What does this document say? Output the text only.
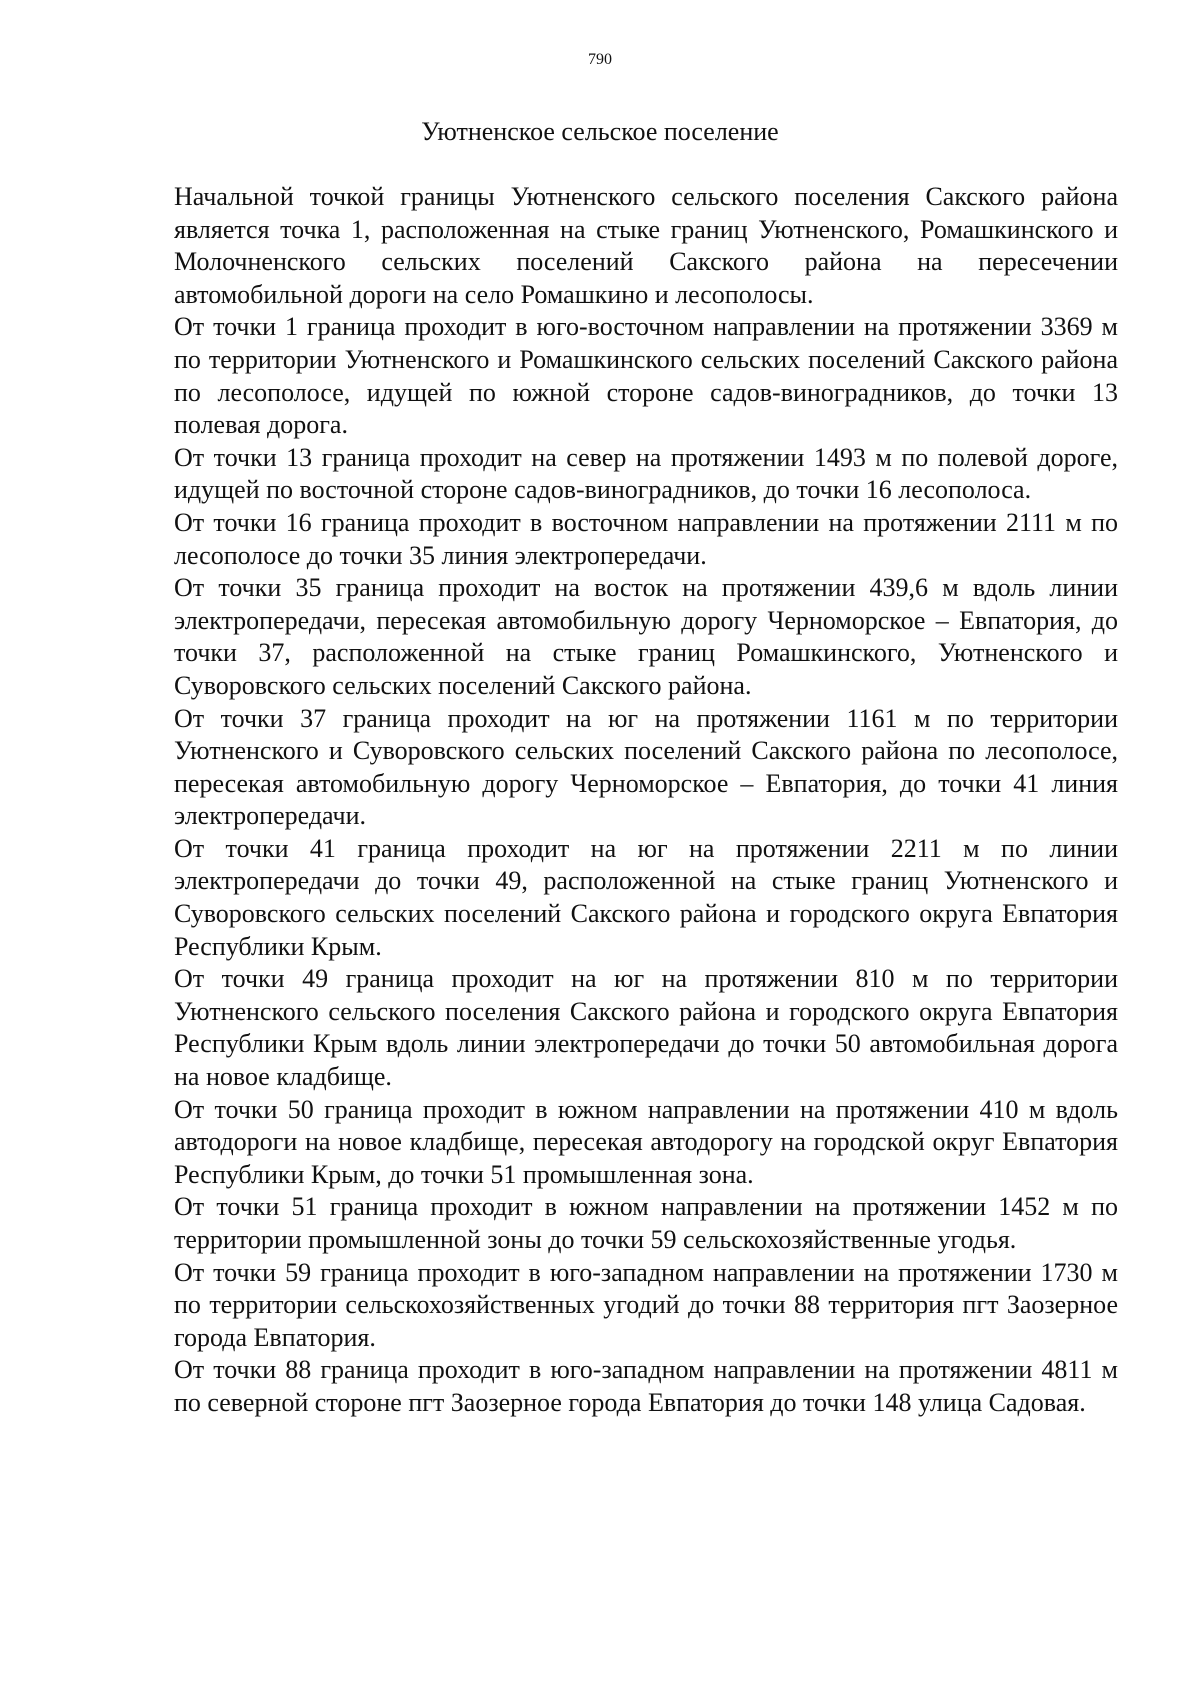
790
Уютненское сельское поселение

Начальной точкой границы Уютненского сельского поселения Сакского района является точка 1, расположенная на стыке границ Уютненского, Ромашкинского и Молочненского сельских поселений Сакского района на пересечении автомобильной дороги на село Ромашкино и лесополосы.

От точки 1 граница проходит в юго-восточном направлении на протяжении 3369 м по территории Уютненского и Ромашкинского сельских поселений Сакского района по лесополосе, идущей по южной стороне садов-виноградников, до точки 13 полевая дорога.

От точки 13 граница проходит на север на протяжении 1493 м по полевой дороге, идущей по восточной стороне садов-виноградников, до точки 16 лесополоса.

От точки 16 граница проходит в восточном направлении на протяжении 2111 м по лесополосе до точки 35 линия электропередачи.

От точки 35 граница проходит на восток на протяжении 439,6 м вдоль линии электропередачи, пересекая автомобильную дорогу Черноморское – Евпатория, до точки 37, расположенной на стыке границ Ромашкинского, Уютненского и Суворовского сельских поселений Сакского района.

От точки 37 граница проходит на юг на протяжении 1161 м по территории Уютненского и Суворовского сельских поселений Сакского района по лесополосе, пересекая автомобильную дорогу Черноморское – Евпатория, до точки 41 линия электропередачи.

От точки 41 граница проходит на юг на протяжении 2211 м по линии электропередачи до точки 49, расположенной на стыке границ Уютненского и Суворовского сельских поселений Сакского района и городского округа Евпатория Республики Крым.

От точки 49 граница проходит на юг на протяжении 810 м по территории Уютненского сельского поселения Сакского района и городского округа Евпатория Республики Крым вдоль линии электропередачи до точки 50 автомобильная дорога на новое кладбище.

От точки 50 граница проходит в южном направлении на протяжении 410 м вдоль автодороги на новое кладбище, пересекая автодорогу на городской округ Евпатория Республики Крым, до точки 51 промышленная зона.

От точки 51 граница проходит в южном направлении на протяжении 1452 м по территории промышленной зоны до точки 59 сельскохозяйственные угодья.

От точки 59 граница проходит в юго-западном направлении на протяжении 1730 м по территории сельскохозяйственных угодий до точки 88 территория пгт Заозерное города Евпатория.

От точки 88 граница проходит в юго-западном направлении на протяжении 4811 м по северной стороне пгт Заозерное города Евпатория до точки 148 улица Садовая.
